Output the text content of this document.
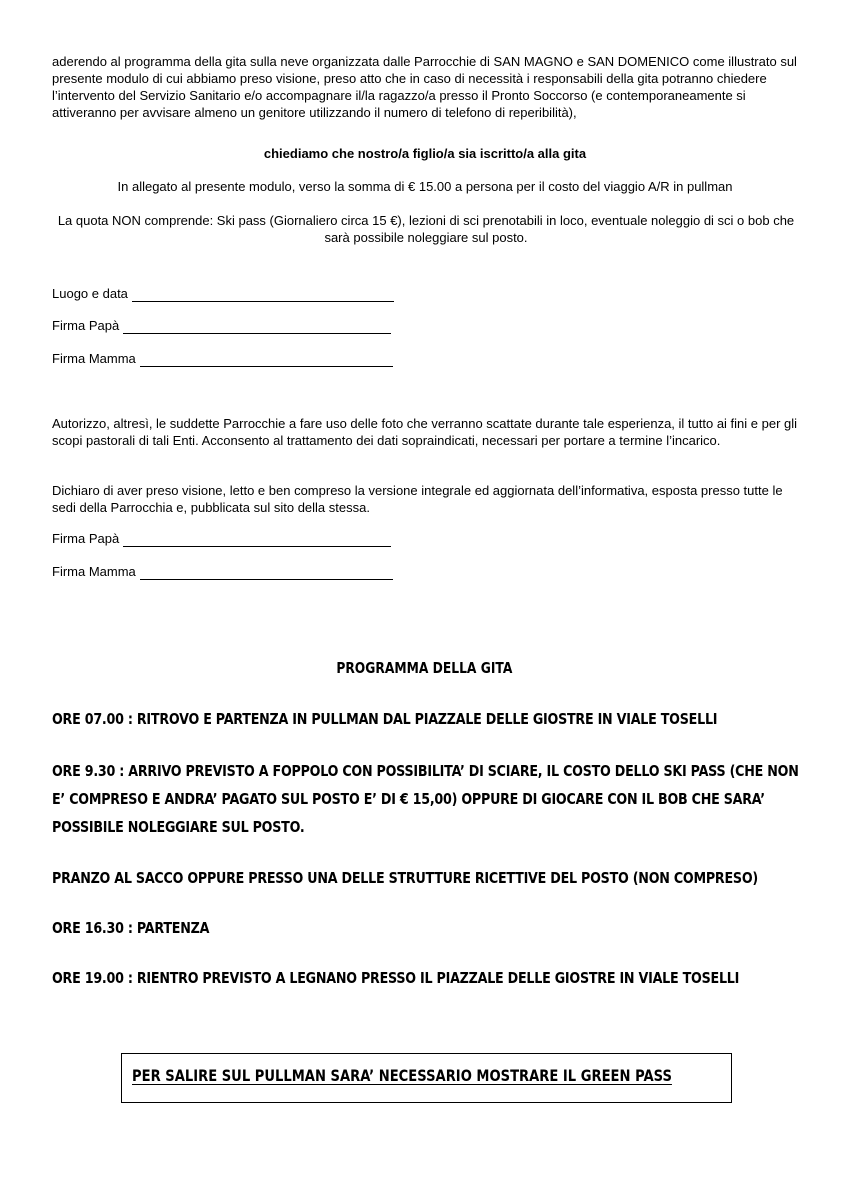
aderendo al programma della gita sulla neve organizzata dalle Parrocchie di SAN MAGNO e SAN DOMENICO come illustrato sul presente modulo di cui abbiamo preso visione, preso atto che in caso di necessità i responsabili della gita potranno chiedere l’intervento del Servizio Sanitario e/o accompagnare il/la ragazzo/a presso il Pronto Soccorso (e contemporaneamente si attiveranno per avvisare almeno un genitore utilizzando il numero di telefono di reperibilità),

chiediamo che nostro/a figlio/a sia iscritto/a alla gita

In allegato al presente modulo, verso la somma di € 15.00 a persona per il costo del viaggio A/R in pullman

La quota NON comprende: Ski pass (Giornaliero circa 15 €), lezioni di sci prenotabili in loco, eventuale noleggio di sci o bob che sarà possibile noleggiare sul posto.

Luogo e data
Firma Papà
Firma Mamma

Autorizzo, altresì, le suddette Parrocchie a fare uso delle foto che verranno scattate durante tale esperienza, il tutto ai fini e per gli scopi pastorali di tali Enti. Acconsento al trattamento dei dati sopraindicati, necessari per portare a termine l’incarico.

Dichiaro di aver preso visione, letto e ben compreso la versione integrale ed aggiornata dell’informativa, esposta presso tutte le sedi della Parrocchia e, pubblicata sul sito della stessa.

Firma Papà
Firma Mamma
PROGRAMMA DELLA GITA
ORE 07.00 : RITROVO E PARTENZA IN PULLMAN DAL PIAZZALE DELLE GIOSTRE IN VIALE TOSELLI
ORE 9.30 : ARRIVO PREVISTO A FOPPOLO CON POSSIBILITA’ DI SCIARE, IL COSTO DELLO SKI PASS (CHE NON E’ COMPRESO E ANDRA’ PAGATO SUL POSTO E’ DI € 15,00) OPPURE DI GIOCARE CON IL BOB CHE SARA’ POSSIBILE NOLEGGIARE SUL POSTO.
PRANZO AL SACCO OPPURE PRESSO UNA DELLE STRUTTURE RICETTIVE DEL POSTO (NON COMPRESO)
ORE 16.30 : PARTENZA
ORE 19.00 : RIENTRO PREVISTO A LEGNANO PRESSO IL PIAZZALE DELLE GIOSTRE IN VIALE TOSELLI
PER SALIRE SUL PULLMAN SARA’ NECESSARIO MOSTRARE IL GREEN PASS
